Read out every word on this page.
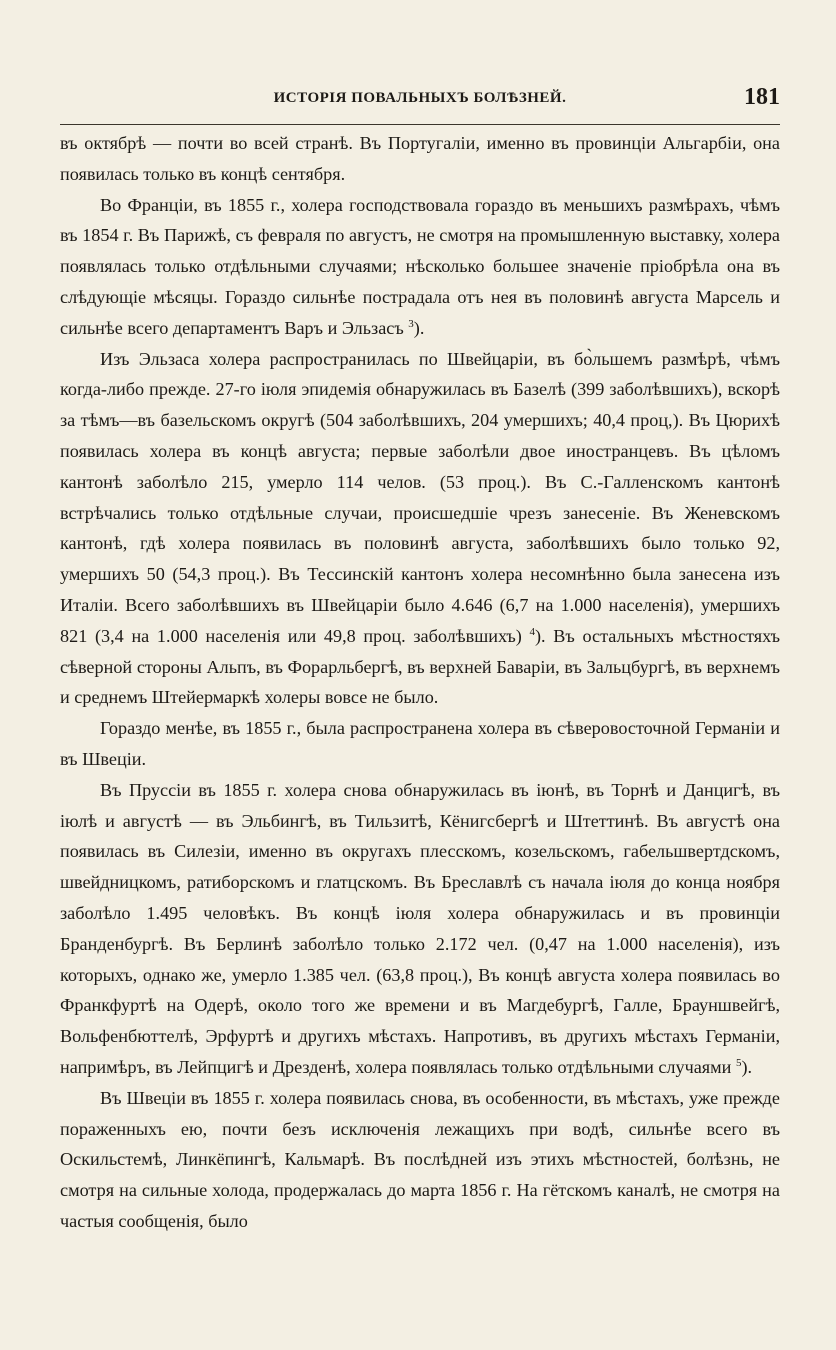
ИСТОРІЯ ПОВАЛЬНЫХЪ БОЛѢЗНЕЙ.	181

въ октябрѣ — почти во всей странѣ. Въ Португаліи, именно въ провинціи Альгарбіи, она появилась только въ концѣ сентября.

Во Франціи, въ 1855 г., холера господствовала гораздо въ меньшихъ размѣрахъ, чѣмъ въ 1854 г. Въ Парижѣ, съ февраля по августъ, не смотря на промышленную выставку, холера появлялась только отдѣльными случаями; нѣсколько большее значеніе пріобрѣла она въ слѣдующіе мѣсяцы. Гораздо сильнѣе пострадала отъ нея въ половинѣ августа Марсель и сильнѣе всего департаментъ Варъ и Эльзасъ $^3$).

Изъ Эльзаса холера распространилась по Швейцаріи, въ бо̀льшемъ размѣрѣ, чѣмъ когда-либо прежде. 27-го іюля эпидемія обнаружилась въ Базелѣ (399 заболѣвшихъ), вскорѣ за тѣмъ—въ базельскомъ округѣ (504 заболѣвшихъ, 204 умершихъ; 40,4 проц,). Въ Цюрихѣ появилась холера въ концѣ августа; первые заболѣли двое иностранцевъ. Въ цѣломъ кантонѣ заболѣло 215, умерло 114 челов. (53 проц.). Въ С.-Галленскомъ кантонѣ встрѣчались только отдѣльные случаи, происшедшіе чрезъ занесеніе. Въ Женевскомъ кантонѣ, гдѣ холера появилась въ половинѣ августа, заболѣвшихъ было только 92, умершихъ 50 (54,3 проц.). Въ Тессинскій кантонъ холера несомнѣнно была занесена изъ Италіи. Всего заболѣвшихъ въ Швейцаріи было 4.646 (6,7 на 1.000 населенія), умершихъ 821 (3,4 на 1.000 населенія или 49,8 проц. заболѣвшихъ) $^4$). Въ остальныхъ мѣстностяхъ сѣверной стороны Альпъ, въ Форарльбергѣ, въ верхней Баваріи, въ Зальцбургѣ, въ верхнемъ и среднемъ Штейермаркѣ холеры вовсе не было.

Гораздо менѣе, въ 1855 г., была распространена холера въ сѣверовосточной Германіи и въ Швеціи.

Въ Пруссіи въ 1855 г. холера снова обнаружилась въ іюнѣ, въ Торнѣ и Данцигѣ, въ іюлѣ и августѣ — въ Эльбингѣ, въ Тильзитѣ, Кёнигсбергѣ и Штеттинѣ. Въ августѣ она появилась въ Силезіи, именно въ округахъ плесскомъ, козельскомъ, габельшвертдскомъ, швейдницкомъ, ратиборскомъ и глатцскомъ. Въ Бреславлѣ съ начала іюля до конца ноября заболѣло 1.495 человѣкъ. Въ концѣ іюля холера обнаружилась и въ провинціи Бранденбургѣ. Въ Берлинѣ заболѣло только 2.172 чел. (0,47 на 1.000 населенія), изъ которыхъ, однако же, умерло 1.385 чел. (63,8 проц.), Въ концѣ августа холера появилась во Франкфуртѣ на Одерѣ, около того же времени и въ Магдебургѣ, Галле, Брауншвейгѣ, Вольфенбюттелѣ, Эрфуртѣ и другихъ мѣстахъ. Напротивъ, въ другихъ мѣстахъ Германіи, напримѣръ, въ Лейпцигѣ и Дрезденѣ, холера появлялась только отдѣльными случаями $^5$).

Въ Швеціи въ 1855 г. холера появилась снова, въ особенности, въ мѣстахъ, уже прежде пораженныхъ ею, почти безъ исключенія лежащихъ при водѣ, сильнѣе всего въ Оскильстемѣ, Линкёпингѣ, Кальмарѣ. Въ послѣдней изъ этихъ мѣстностей, болѣзнь, не смотря на сильные холода, продержалась до марта 1856 г. На гётскомъ каналѣ, не смотря на частыя сообщенія, было
